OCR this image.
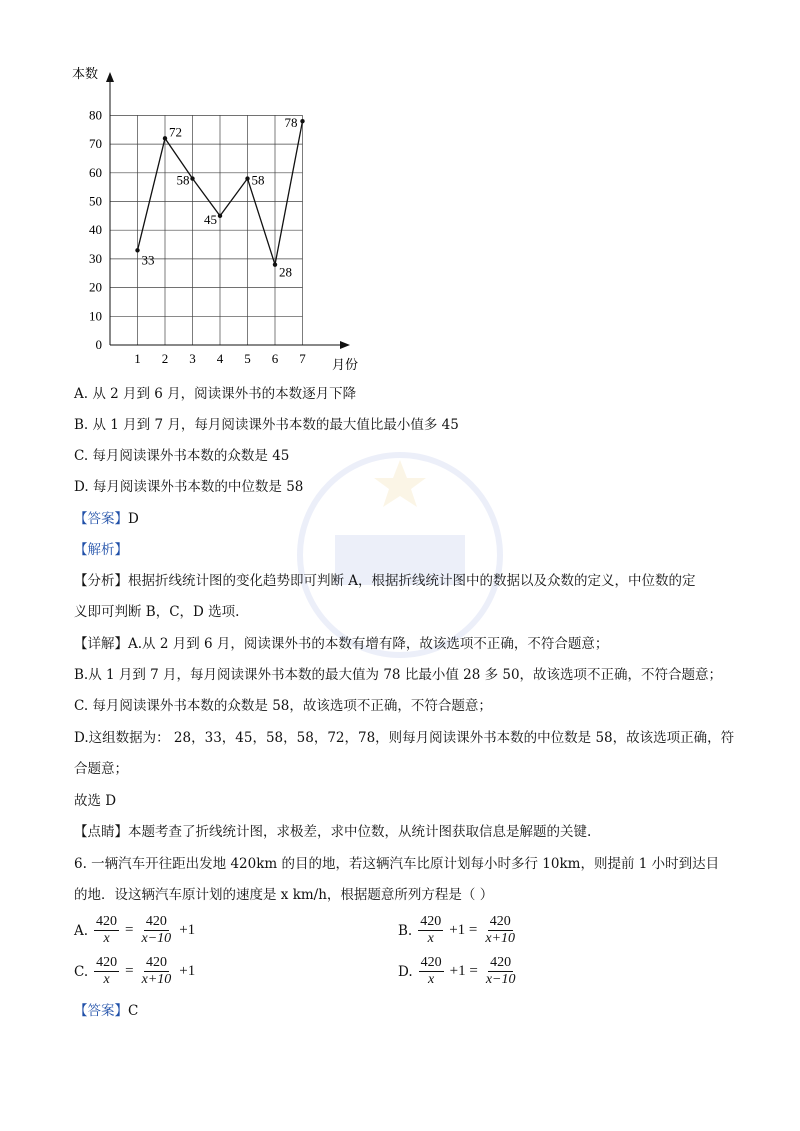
0
10
20
30
40
50
60
70
80
1 2 3 4 5 6 7
33
72
58
45
58
28
78
本数
月份
A. 从 2 月到 6 月，阅读课外书的本数逐月下降
B. 从 1 月到 7 月，每月阅读课外书本数的最大值比最小值多 45
C. 每月阅读课外书本数的众数是 45
D. 每月阅读课外书本数的中位数是 58
【答案】D
【解析】
【分析】根据折线统计图的变化趋势即可判断 A，根据折线统计图中的数据以及众数的定义，中位数的定
义即可判断 B，C，D 选项.
【详解】A.从 2 月到 6 月，阅读课外书的本数有增有降，故该选项不正确，不符合题意；
B.从 1 月到 7 月，每月阅读课外书本数的最大值为 78 比最小值 28 多 50，故该选项不正确，不符合题意；
C. 每月阅读课外书本数的众数是 58，故该选项不正确，不符合题意；
D.这组数据为： 28，33，45，58，58，72，78，则每月阅读课外书本数的中位数是 58，故该选项正确，符
合题意；
故选 D
【点睛】本题考查了折线统计图，求极差，求中位数，从统计图获取信息是解题的关键.
6. 一辆汽车开往距出发地 420km 的目的地，若这辆汽车比原计划每小时多行 10km，则提前 1 小时到达目
的地．设这辆汽车原计划的速度是 x km/h，根据题意所列方程是（ ）
A. $\frac{420}{x} = \frac{420}{x-10} +1$	B. $\frac{420}{x} +1 = \frac{420}{x+10}$
C. $\frac{420}{x} = \frac{420}{x+10} +1$	D. $\frac{420}{x} +1 = \frac{420}{x-10}$
【答案】C
